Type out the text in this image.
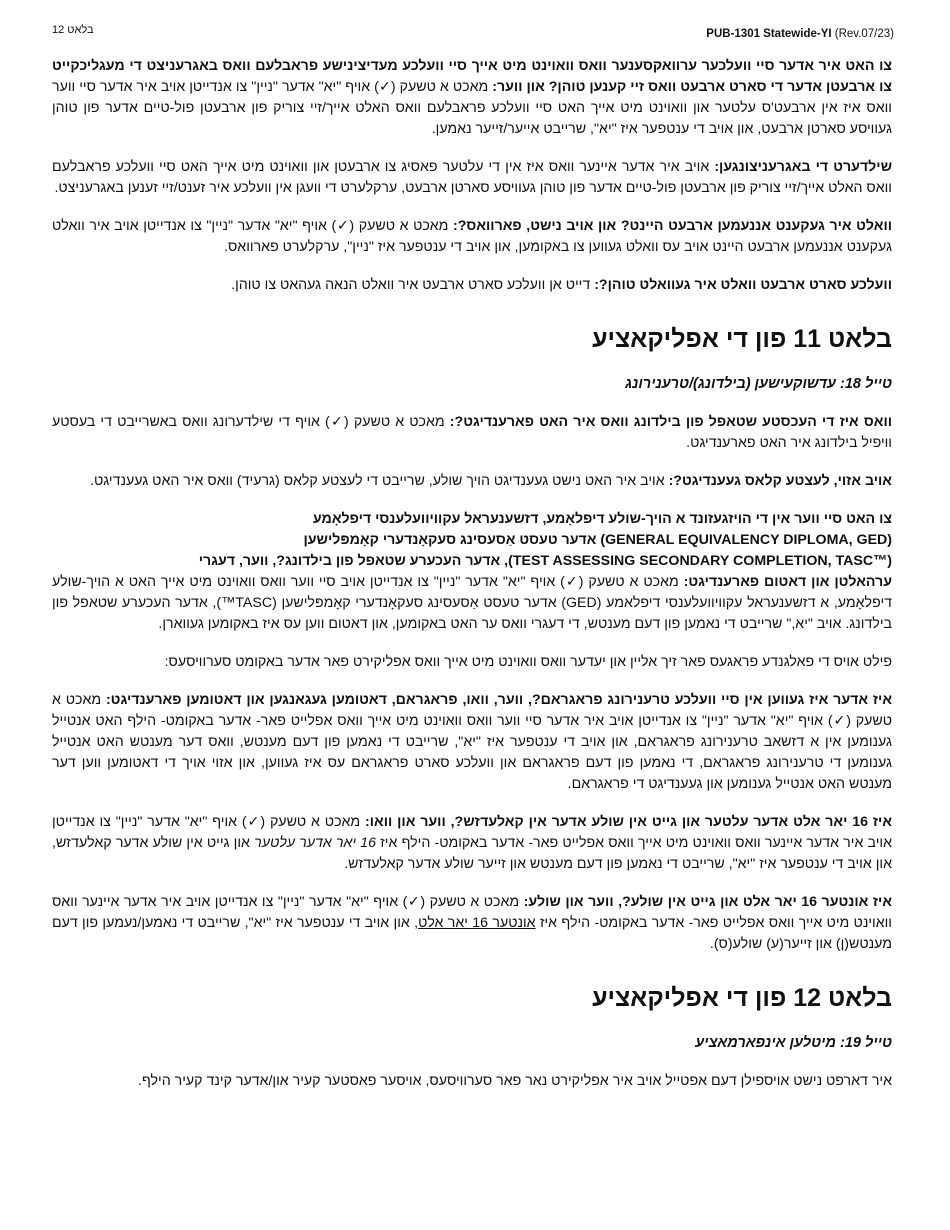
בלאט 12	PUB-1301 Statewide-YI (Rev.07/23)

צו האט איר אדער סיי וועלכער ערוואקסענער וואס וואוינט מיט אייך סיי וועלכע מעדיצינישע פראבלעם וואס באגרעניצט די מעגליכקייט צו ארבעטן אדער די סארט ארבעט וואס זיי קענען טוהן? און ווער: מאכט א טשעק (✓) אויף "יא" אדער "ניין" צו אנדייטן אויב איר אדער סיי ווער וואס איז אין ארבעט'ס עלטער און וואוינט מיט אייך האט סיי וועלכע פראבלעם וואס האלט אייך/זיי צוריק פון ארבעטן פול-טיים אדער פון טוהן געוויסע סארטן ארבעט, און אויב די ענטפער איז "יא", שרייבט אייער/זייער נאמען.

שילדערט די באגרעניצונגען: אויב איר אדער איינער וואס איז אין די עלטער פאסיג צו ארבעטן און וואוינט מיט אייך האט סיי וועלכע פראבלעם וואס האלט אייך/זיי צוריק פון ארבעטן פול-טיים אדער פון טוהן געוויסע סארטן ארבעט, ערקלערט די וועגן אין וועלכע איר זענט/זיי זענען באגרעניצט.

וואלט איר געקענט אננעמען ארבעט היינט? און אויב נישט, פארוואס?: מאכט א טשעק (✓) אויף "יא" אדער "ניין" צו אנדייטן אויב איר וואלט געקענט אננעמען ארבעט היינט אויב עס וואלט געווען צו באקומען, און אויב די ענטפער איז "ניין", ערקלערט פארוואס.

וועלכע סארט ארבעט וואלט איר געוואלט טוהן?: דייט אן וועלכע סארט ארבעט איר וואלט הנאה געהאט צו טוהן.

בלאט 11 פון די אפליקאציע
טייל 18: עדשוקעישען (בילדונג)/טרענירונג

וואס איז די העכסטע שטאפל פון בילדונג וואס איר האט פארענדיגט?: מאכט א טשעק (✓) אויף די שילדערונג וואס באשרייבט די בעסטע וויפיל בילדונג איר האט פארענדיגט.

אויב אזוי, לעצטע קלאס געענדיגט?: אויב איר האט נישט געענדיגט הויך שולע, שרייבט די לעצטע קלאס (גרעיד) וואס איר האט געענדיגט.

צו האט סיי ווער אין די הויזגעזונד א הויך-שולע דיפלאָמע, דזשענעראל עקוויוועלענסי דיפלאָמע
(GENERAL EQUIVALENCY DIPLOMA, GED) אדער טעסט אַסעסינג סעקאָנדערי קאָמפּלישען
(TEST ASSESSING SECONDARY COMPLETION, TASC™), אדער העכערע שטאפל פון בילדונג?, ווער, דעגרי
ערהאלטן און דאטום פארענדיגט: מאכט א טשעק (✓) אויף "יא" אדער "ניין" צו אנדייטן אויב סיי ווער וואס וואוינט מיט אייך האט א הויך-שולע דיפלאָמע, א דזשענעראל עקוויוועלענסי דיפלאמע (GED) אדער טעסט אַסעסינג סעקאָנדערי קאָמפּלישען (TASC™), אדער העכערע שטאפל פון בילדונג. אויב "יא," שרייבט די נאמען פון דעם מענטש, די דעגרי וואס ער האט באקומען, און דאטום ווען עס איז באקומען געווארן.

פילט אויס די פאלגנדע פראגעס פאר זיך אליין און יעדער וואס וואוינט מיט אייך וואס אפליקירט פאר אדער באקומט סערוויסעס:

איז אדער איז געווען אין סיי וועלכע טרענירונג פראגראם?, ווער, וואו, פראגראם, דאטומען געגאנגען און דאטומען פארענדיגט: מאכט א טשעק (✓) אויף "יא" אדער "ניין" צו אנדייטן אויב איר אדער סיי ווער וואס וואוינט מיט אייך וואס אפלייט פאר- אדער באקומט- הילף האט אנטייל גענומען אין א דזשאב טרענירונג פראגראם, און אויב די ענטפער איז "יא", שרייבט די נאמען פון דעם מענטש, וואס דער מענטש האט אנטייל גענומען די טרענירונג פראגראם, די נאמען פון דעם פראגראם און וועלכע סארט פראגראם עס איז געווען, און אזוי אויך די דאטומען ווען דער מענטש האט אנטייל גענומען און געענדיגט די פראגראם.

איז 16 יאר אלט אדער עלטער און גייט אין שולע אדער אין קאלעדזש?, ווער און וואו: מאכט א טשעק (✓) אויף "יא" אדער "ניין" צו אנדייטן אויב איר אדער איינער וואס וואוינט מיט אייך וואס אפלייט פאר- אדער באקומט- הילף איז 16 יאר אדער עלטער און גייט אין שולע אדער קאלעדזש, און אויב די ענטפער איז "יא", שרייבט די נאמען פון דעם מענטש און זייער שולע אדער קאלעדזש.

איז אונטער 16 יאר אלט און גייט אין שולע?, ווער און שולע: מאכט א טשעק (✓) אויף "יא" אדער "ניין" צו אנדייטן אויב איר אדער איינער וואס וואוינט מיט אייך וואס אפלייט פאר- אדער באקומט- הילף איז אונטער 16 יאר אלט, און אויב די ענטפער איז "יא", שרייבט די נאמען/נעמען פון דעם מענטש(ן) און זייער(ע) שולע(ס).

בלאט 12 פון די אפליקאציע
טייל 19: מיטלען אינפארמאציע

איר דארפט נישט אויספילן דעם אפטייל אויב איר אפליקירט נאר פאר סערוויסעס, אויסער פאסטער קעיר און/אדער קינד קעיר הילף.
